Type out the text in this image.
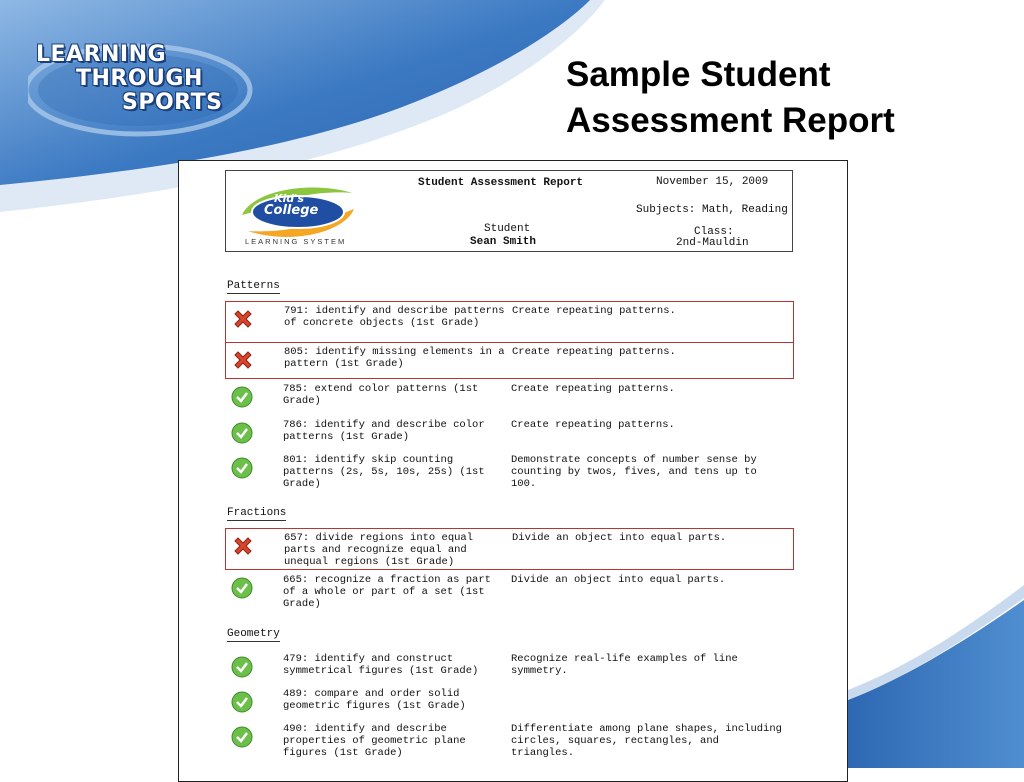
LEARNING
THROUGH
SPORTS
Sample Student Assessment Report
Kid's
College
LEARNING SYSTEM
Student Assessment Report	November 15, 2009
Subjects: Math, Reading
Student
Sean Smith
Class:
2nd-Mauldin
Patterns
791: identify and describe patterns of concrete objects (1st Grade)
Create repeating patterns.
805: identify missing elements in a pattern (1st Grade)
Create repeating patterns.
785: extend color patterns (1st Grade)
Create repeating patterns.
786: identify and describe color patterns (1st Grade)
Create repeating patterns.
801: identify skip counting patterns (2s, 5s, 10s, 25s) (1st Grade)
Demonstrate concepts of number sense by counting by twos, fives, and tens up to 100.
Fractions
657: divide regions into equal parts and recognize equal and unequal regions (1st Grade)
Divide an object into equal parts.
665: recognize a fraction as part of a whole or part of a set (1st Grade)
Divide an object into equal parts.
Geometry
479: identify and construct symmetrical figures (1st Grade)
Recognize real-life examples of line symmetry.
489: compare and order solid geometric figures (1st Grade)
490: identify and describe properties of geometric plane figures (1st Grade)
Differentiate among plane shapes, including circles, squares, rectangles, and triangles.
